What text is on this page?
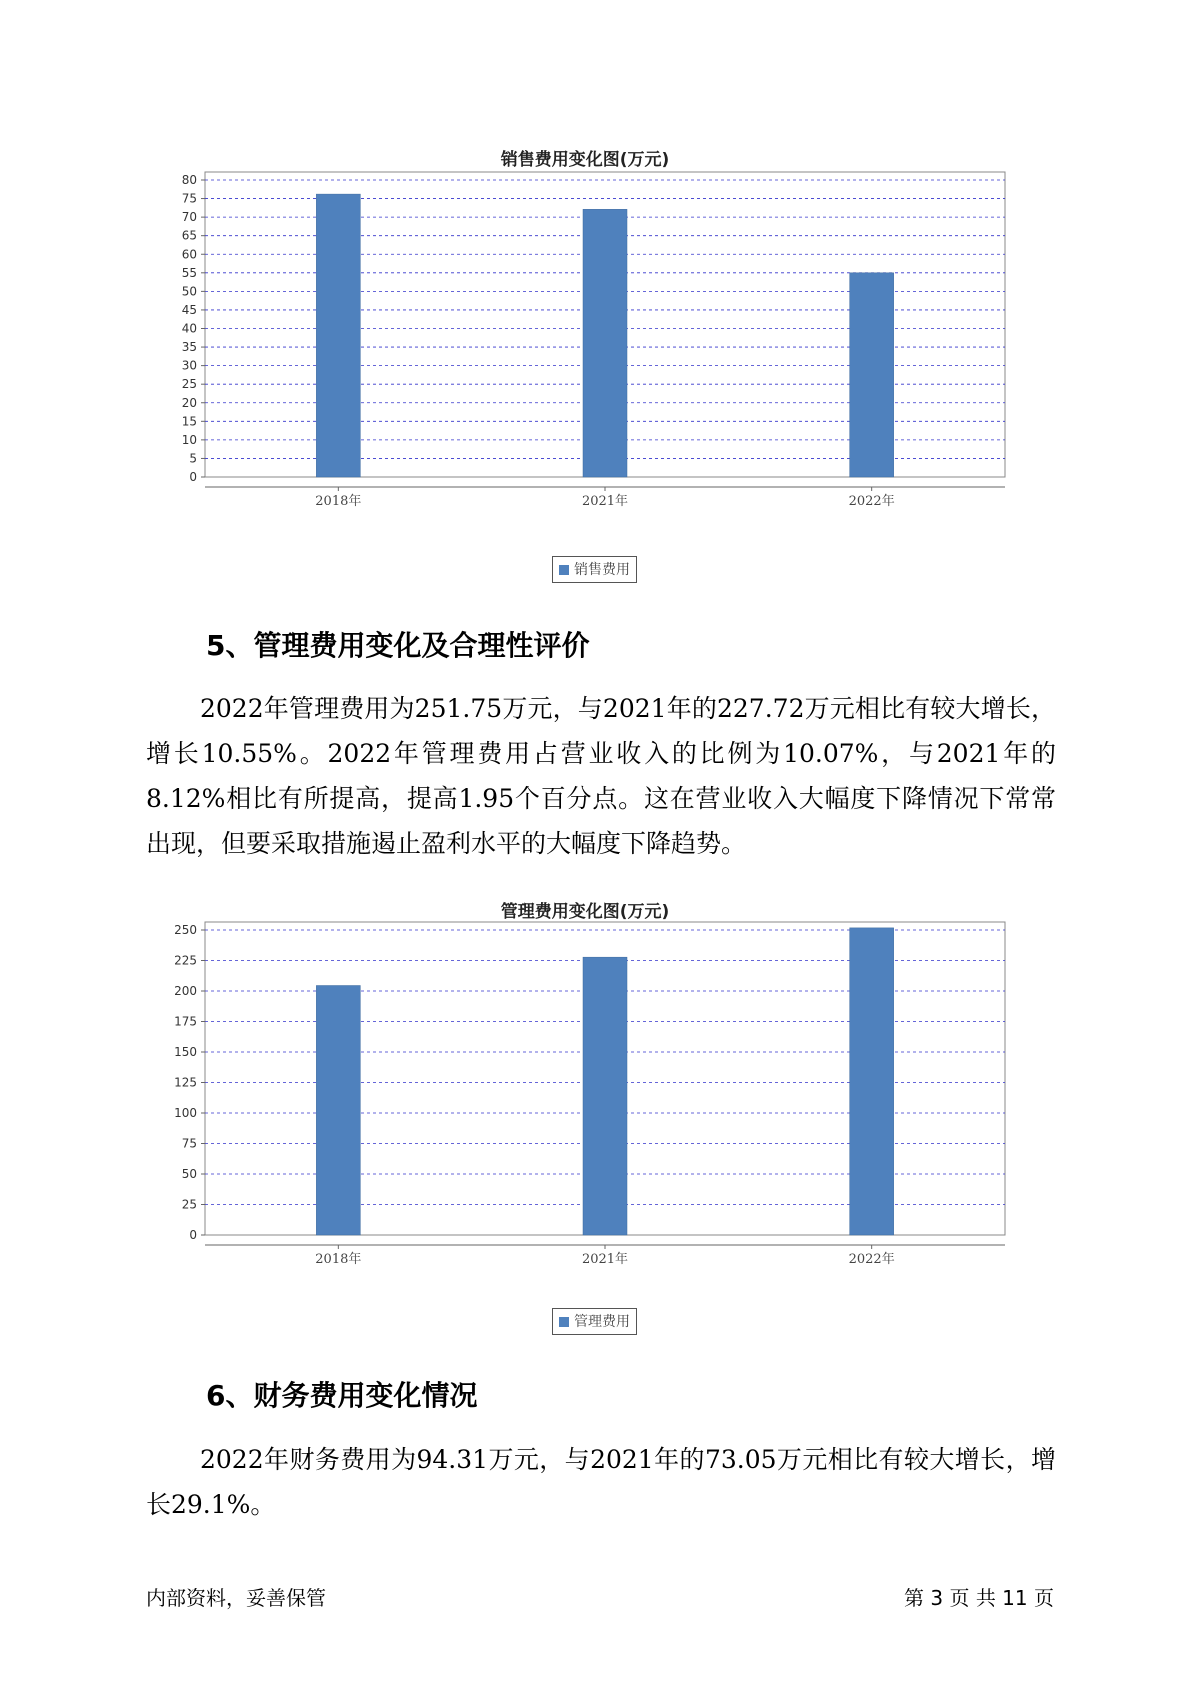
销售费用变化图(万元)
0
5
10
15
20
25
30
35
40
45
50
55
60
65
70
75
80
2018年	2021年	2022年
销售费用
5、管理费用变化及合理性评价

2022年管理费用为251.75万元，与2021年的227.72万元相比有较大增长，增长10.55%。2022年管理费用占营业收入的比例为10.07%，与2021年的8.12%相比有所提高，提高1.95个百分点。这在营业收入大幅度下降情况下常常出现，但要采取措施遏止盈利水平的大幅度下降趋势。

管理费用变化图(万元)
0
25
50
75
100
125
150
175
200
225
250
2018年	2021年	2022年
管理费用
6、财务费用变化情况

2022年财务费用为94.31万元，与2021年的73.05万元相比有较大增长，增长29.1%。

内部资料，妥善保管	第 3 页 共 11 页
